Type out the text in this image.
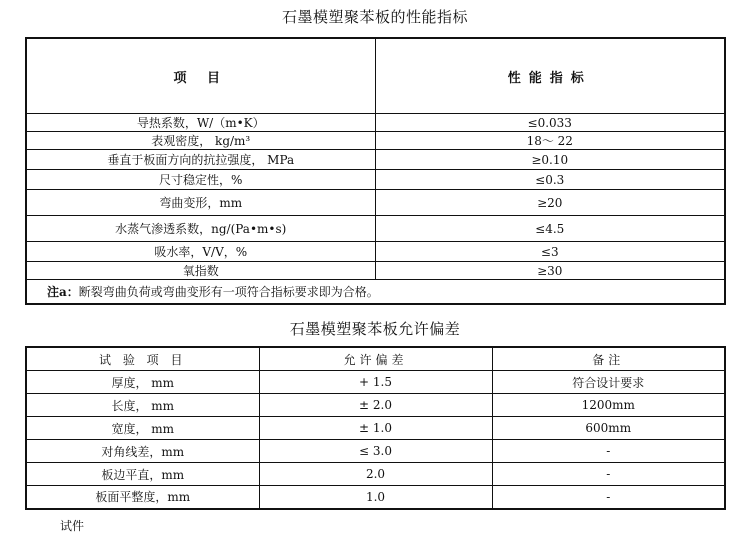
石墨模塑聚苯板的性能指标
项 目	性能指标
导热系数，W/（m•K）	≤0.033
表观密度， kg/m³	18～ 22
垂直于板面方向的抗拉强度， MPa	≥0.10
尺寸稳定性，%	≤0.3
弯曲变形，mm	≥20
水蒸气渗透系数，ng/(Pa•m•s)	≤4.5
吸水率，V/V，%	≤3
氧指数	≥30
注a：断裂弯曲负荷或弯曲变形有一项符合指标要求即为合格。	
石墨模塑聚苯板允许偏差
试 验 项 目	允许偏差	备注
厚度， mm	+ 1.5	符合设计要求
长度， mm	± 2.0	1200mm
宽度， mm	± 1.0	600mm
对角线差，mm	≤ 3.0	-
板边平直，mm	2.0	-
板面平整度，mm	1.0	-
试件
